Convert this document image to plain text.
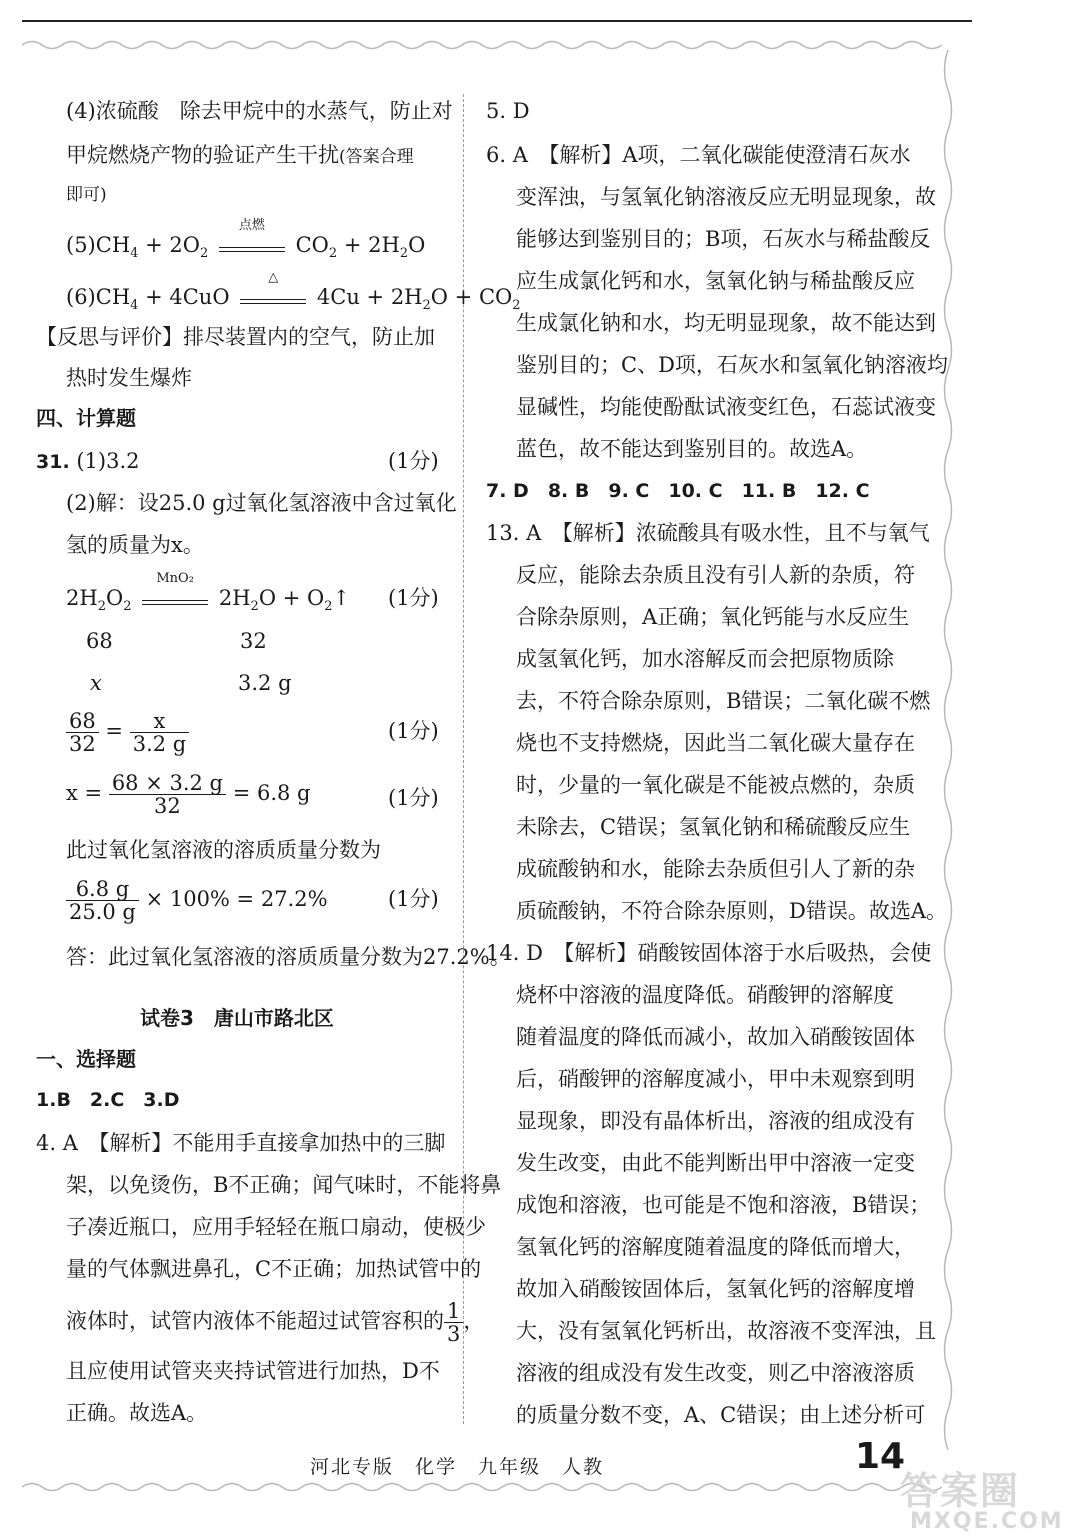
(4)浓硫酸　除去甲烷中的水蒸气，防止对
甲烷燃烧产物的验证产生干扰(答案合理
即可)
$(5)CH_4 + 2O_2$
点燃
$CO_2 + 2H_2O$
$(6)CH_4 + 4CuO$
△
$4Cu + 2H_2O + CO_2$
【反思与评价】排尽装置内的空气，防止加
热时发生爆炸
四、计算题
31. (1)3.2	(1分)
(2)解：设25.0 g过氧化氢溶液中含过氧化
氢的质量为x。
$2H_2O_2$
MnO₂
$2H_2O$ + $O_2↑$ (1分)
68	32
x	3.2 g
$\frac{68}{32} = \frac{x}{3.2 g}$	(1分)
$x = \frac{68 \times 3.2 g}{32} = 6.8$ g	(1分)
此过氧化氢溶液的溶质质量分数为
$\frac{6.8 g}{25.0 g} \times 100\% = 27.2\%$	(1分)
答：此过氧化氢溶液的溶质质量分数为27.2%。
试卷3　唐山市路北区
一、选择题
1.B　2.C　3.D
4. A　【解析】不能用手直接拿加热中的三脚
架，以免烫伤，B不正确；闻气味时，不能将鼻
子凑近瓶口，应用手轻轻在瓶口扇动，使极少
量的气体飘进鼻孔，C不正确；加热试管中的
液体时，试管内液体不能超过试管容积的 $\frac{1}{3}$ ，
且应使用试管夹夹持试管进行加热，D不
正确。故选A。
5. D
6. A　【解析】A项，二氧化碳能使澄清石灰水
变浑浊，与氢氧化钠溶液反应无明显现象，故
能够达到鉴别目的；B项，石灰水与稀盐酸反
应生成氯化钙和水，氢氧化钠与稀盐酸反应
生成氯化钠和水，均无明显现象，故不能达到
鉴别目的；C、D项，石灰水和氢氧化钠溶液均
显碱性，均能使酚酞试液变红色，石蕊试液变
蓝色，故不能达到鉴别目的。故选A。
7. D　8. B　9. C　10. C　11. B　12. C
13. A　【解析】浓硫酸具有吸水性，且不与氧气
反应，能除去杂质且没有引人新的杂质，符
合除杂原则，A正确；氧化钙能与水反应生
成氢氧化钙，加水溶解反而会把原物质除
去，不符合除杂原则，B错误；二氧化碳不燃
烧也不支持燃烧，因此当二氧化碳大量存在
时，少量的一氧化碳是不能被点燃的，杂质
未除去，C错误；氢氧化钠和稀硫酸反应生
成硫酸钠和水，能除去杂质但引人了新的杂
质硫酸钠，不符合除杂原则，D错误。故选A。
14. D　【解析】硝酸铵固体溶于水后吸热，会使
烧杯中溶液的温度降低。硝酸钾的溶解度
随着温度的降低而减小，故加入硝酸铵固体
后，硝酸钾的溶解度减小，甲中未观察到明
显现象，即没有晶体析出，溶液的组成没有
发生改变，由此不能判断出甲中溶液一定变
成饱和溶液，也可能是不饱和溶液，B错误；
氢氧化钙的溶解度随着温度的降低而增大，
故加入硝酸铵固体后，氢氧化钙的溶解度增
大，没有氢氧化钙析出，故溶液不变浑浊，且
溶液的组成没有发生改变，则乙中溶液溶质
的质量分数不变，A、C错误；由上述分析可
河北专版　化学　九年级　人教	14
答案圈
MXQE.COM
